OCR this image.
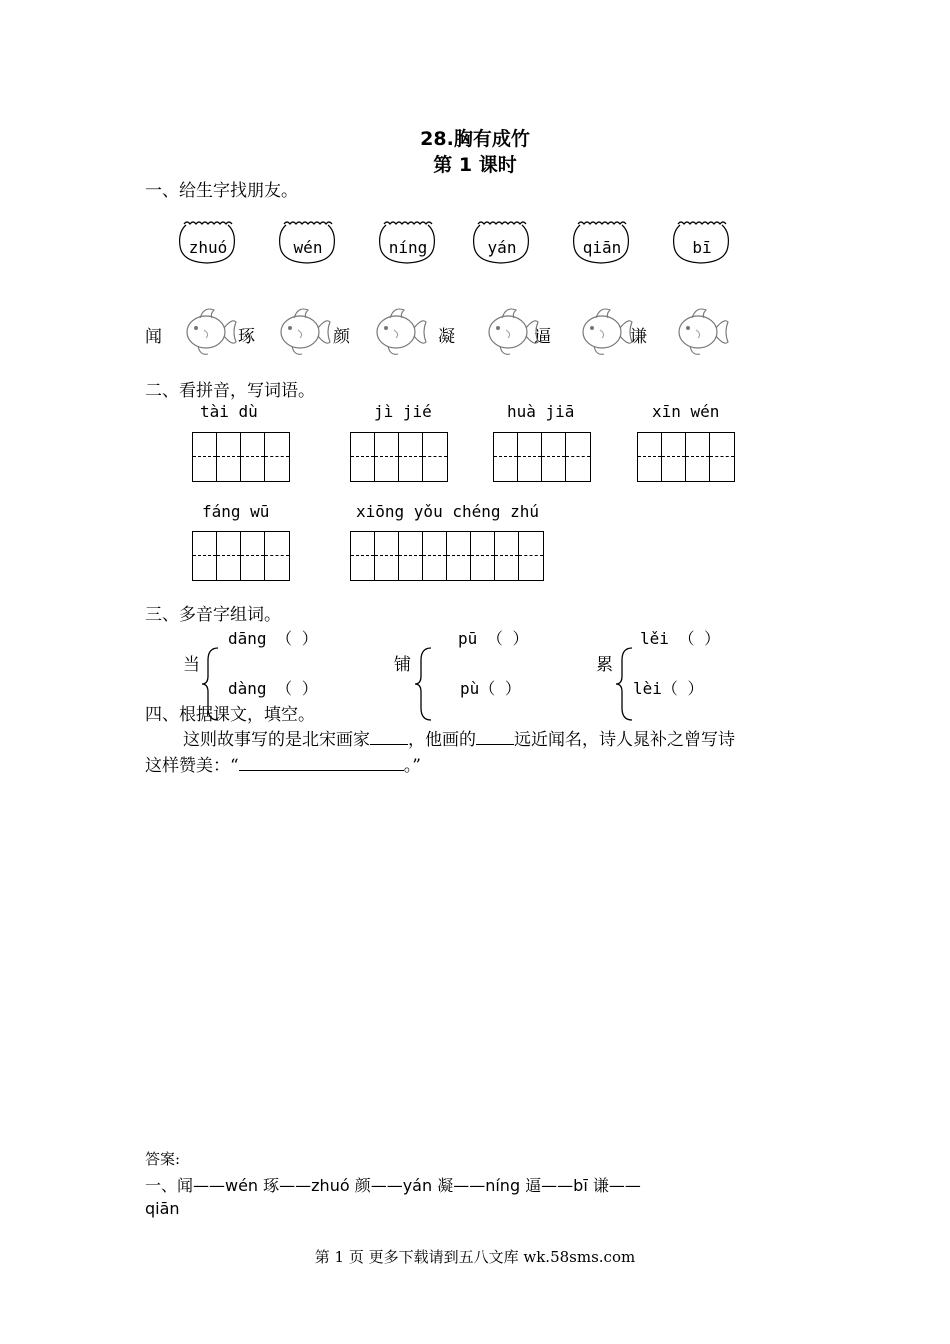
28.胸有成竹
第 1 课时
一、给生字找朋友。
zhuó	wén	níng	yán	qiān	bī
闻	琢	颜	凝	逼	谦
二、看拼音，写词语。
tài dù	jì jié	huà jiā	xīn wén
fáng wū	xiōng yǒu chéng zhú
三、多音字组词。
dāng （ ）
当
dàng （ ）
pū （ ）
铺
pù（ ）
lěi （ ）
累
lèi（ ）
四、根据课文，填空。
这则故事写的是北宋画家 ，他画的 远近闻名，诗人晁补之曾写诗
这样赞美：“	。”
答案:
一、闻——wén 琢——zhuó 颜——yán 凝——níng 逼——bī 谦——
qiān
第 1 页 更多下载请到五八文库 wk.58sms.com
